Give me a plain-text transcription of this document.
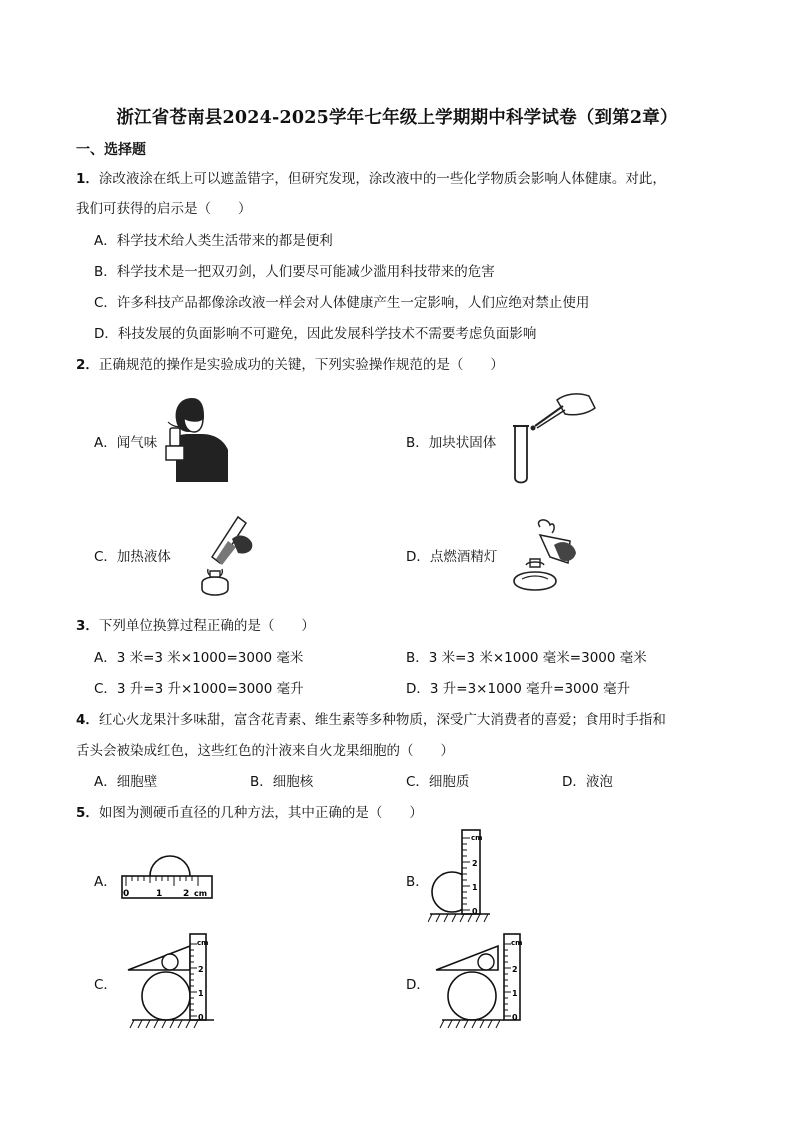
浙江省苍南县2024-2025学年七年级上学期期中科学试卷（到第2章）
一、选择题
1．涂改液涂在纸上可以遮盖错字，但研究发现，涂改液中的一些化学物质会影响人体健康。对此，
我们可获得的启示是（　　）
A．科学技术给人类生活带来的都是便利
B．科学技术是一把双刃剑，人们要尽可能减少滥用科技带来的危害
C．许多科技产品都像涂改液一样会对人体健康产生一定影响，人们应绝对禁止使用
D．科技发展的负面影响不可避免，因此发展科学技术不需要考虑负面影响
2．正确规范的操作是实验成功的关键，下列实验操作规范的是（　　）
A．闻气味	B．加块状固体
C．加热液体	D．点燃酒精灯
3．下列单位换算过程正确的是（　　）
A．3 米=3 米×1000=3000 毫米	B．3 米=3 米×1000 毫米=3000 毫米
C．3 升=3 升×1000=3000 毫升	D．3 升=3×1000 毫升=3000 毫升
4．红心火龙果汁多味甜，富含花青素、维生素等多种物质，深受广大消费者的喜爱；食用时手指和
舌头会被染成红色，这些红色的汁液来自火龙果细胞的（　　）
A．细胞壁	B．细胞核	C．细胞质	D．液泡
5．如图为测硬币直径的几种方法，其中正确的是（　　）
A．	B．
C．	D．
0	1 2 cm
0
1
2
cm
0
1
2
cm
0
1
2
cm
